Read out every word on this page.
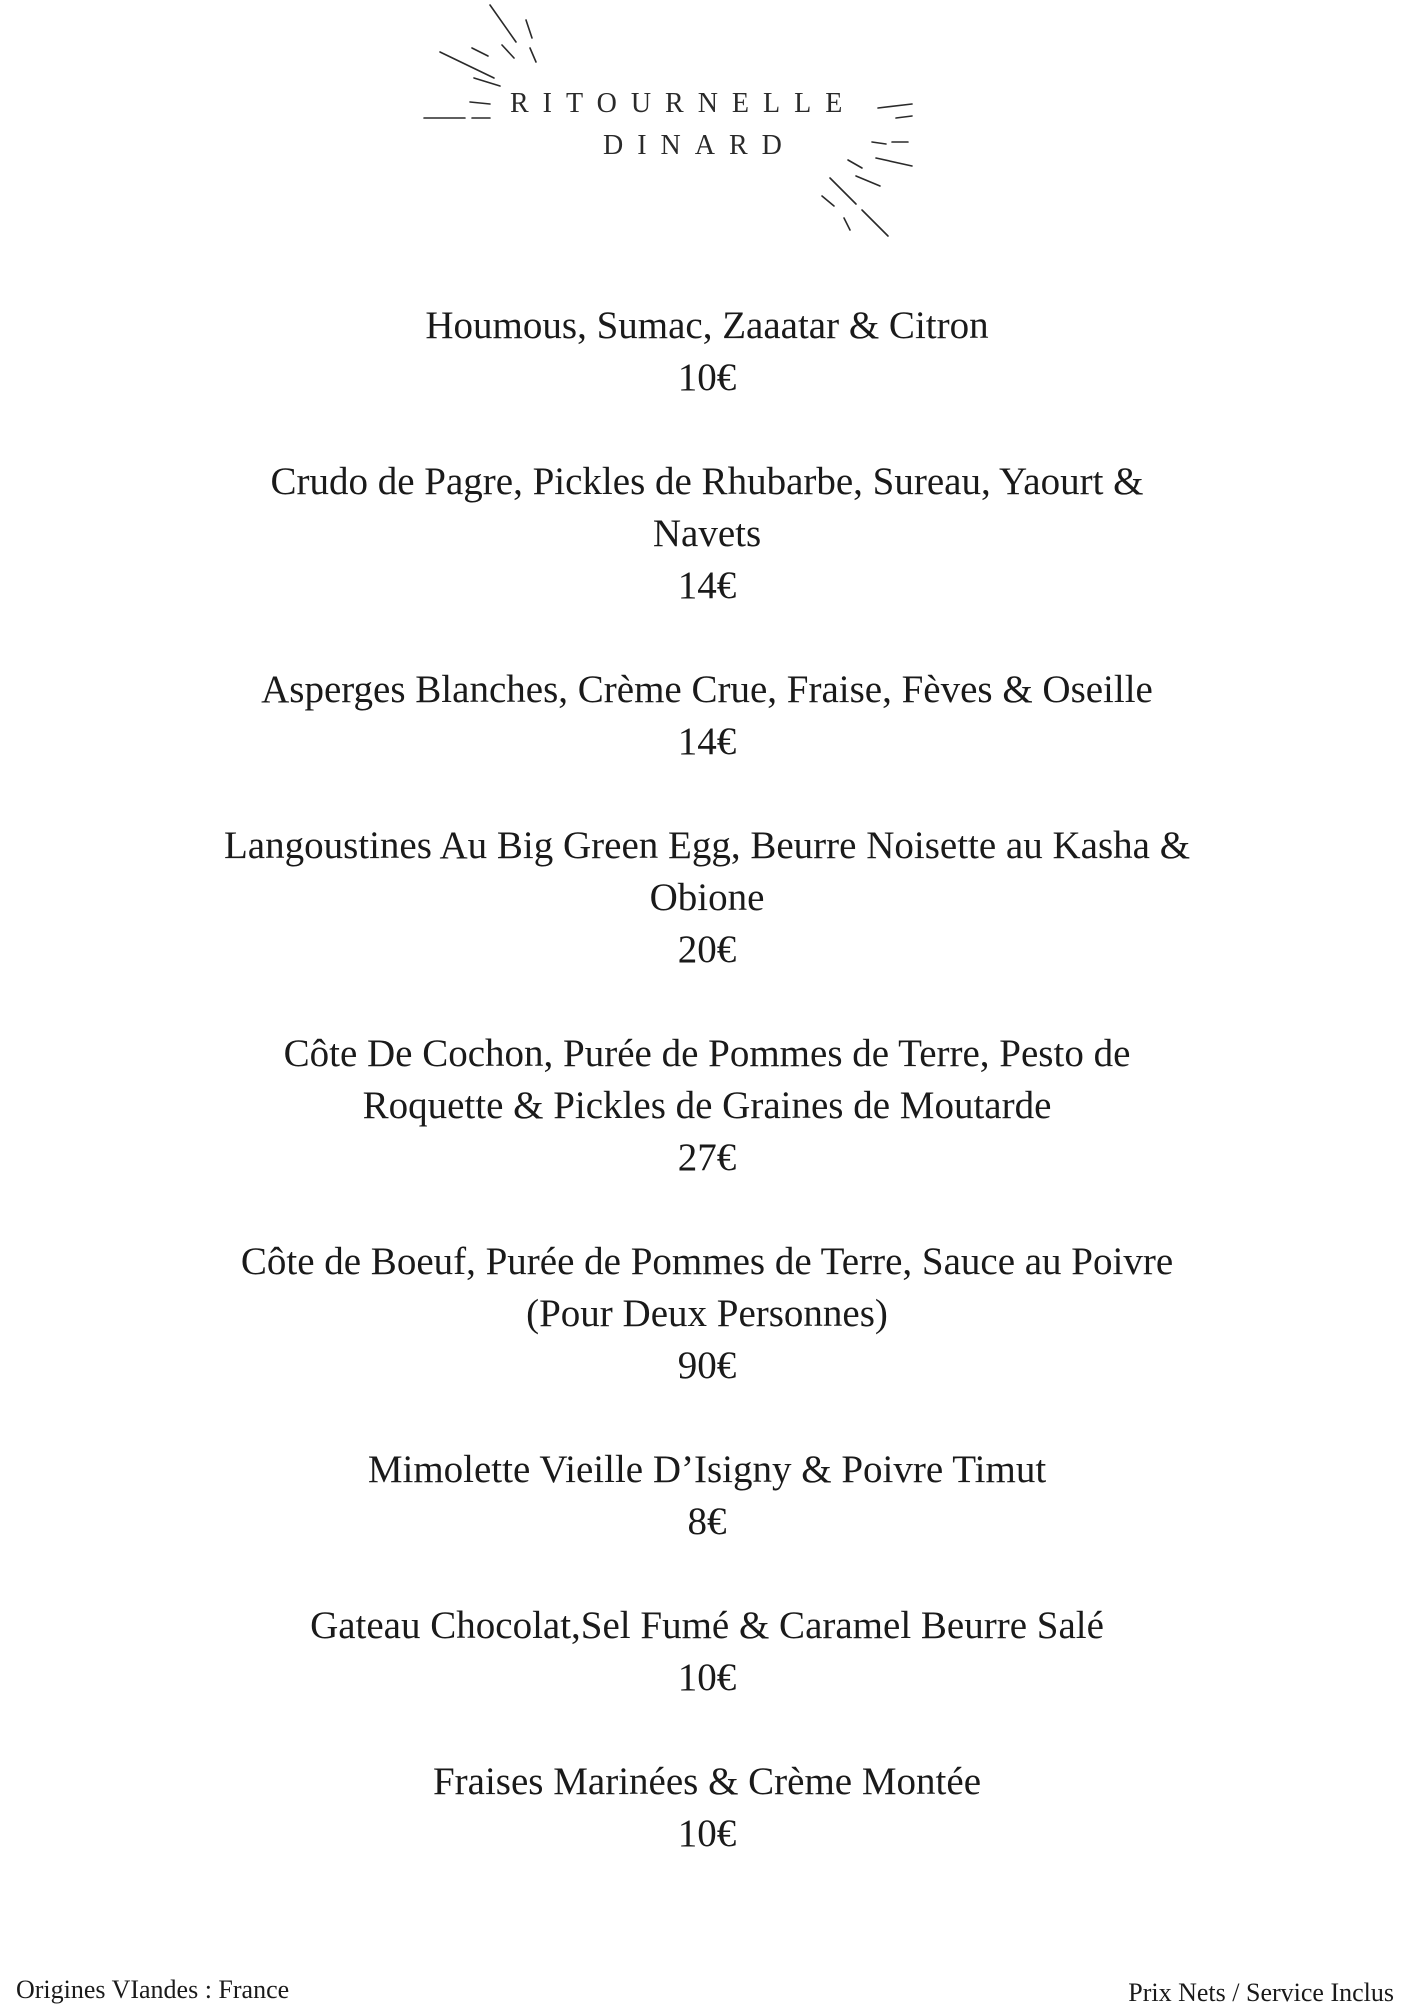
RITOURNELLE
DINARD
Houmous, Sumac, Zaaatar & Citron
10€
Crudo de Pagre, Pickles de Rhubarbe, Sureau, Yaourt & Navets
14€
Asperges Blanches, Crème Crue, Fraise, Fèves & Oseille
14€
Langoustines Au Big Green Egg, Beurre Noisette au Kasha & Obione
20€
Côte De Cochon, Purée de Pommes de Terre, Pesto de Roquette & Pickles de Graines de Moutarde
27€
Côte de Boeuf, Purée de Pommes de Terre, Sauce au Poivre (Pour Deux Personnes)
90€
Mimolette Vieille D’Isigny & Poivre Timut
8€
Gateau Chocolat,Sel Fumé & Caramel Beurre Salé
10€
Fraises Marinées & Crème Montée
10€
Origines VIandes : France	Prix Nets / Service Inclus
